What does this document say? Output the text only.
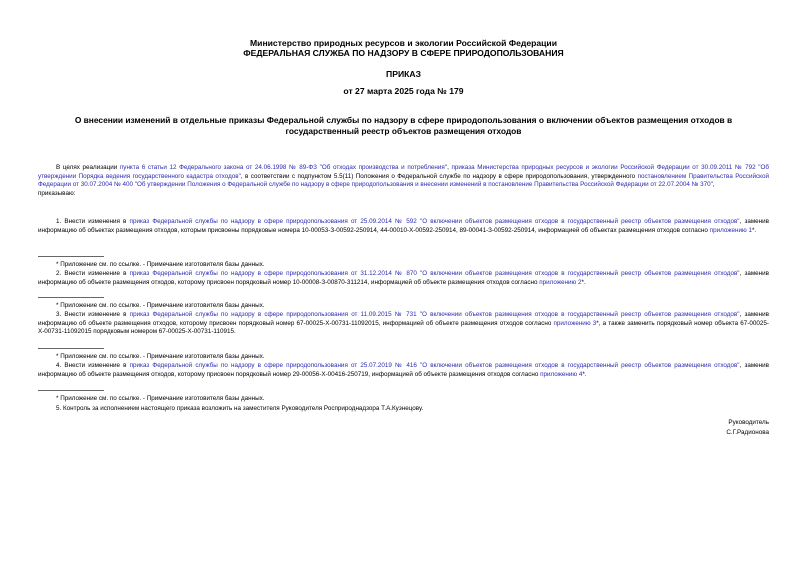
Министерство природных ресурсов и экологии Российской Федерации
ФЕДЕРАЛЬНАЯ СЛУЖБА ПО НАДЗОРУ В СФЕРЕ ПРИРОДОПОЛЬЗОВАНИЯ
ПРИКАЗ
от 27 марта 2025 года № 179
О внесении изменений в отдельные приказы Федеральной службы по надзору в сфере природопользования о включении объектов размещения отходов в государственный реестр объектов размещения отходов

В целях реализации пункта 6 статьи 12 Федерального закона от 24.06.1998 № 89-ФЗ "Об отходах производства и потребления", приказа Министерства природных ресурсов и экологии Российской Федерации от 30.09.2011 № 792 "Об утверждении Порядка ведения государственного кадастра отходов", в соответствии с подпунктом 5.5(11) Положения о Федеральной службе по надзору в сфере природопользования, утвержденного постановлением Правительства Российской Федерации от 30.07.2004 № 400 "Об утверждении Положения о Федеральной службе по надзору в сфере природопользования и внесении изменений в постановление Правительства Российской Федерации от 22.07.2004 № 370",

приказываю:

1. Внести изменения в приказ Федеральной службы по надзору в сфере природопользования от 25.09.2014 № 592 "О включении объектов размещения отходов в государственный реестр объектов размещения отходов", заменив информацию об объектах размещения отходов, которым присвоены порядковые номера 10-00053-З-00592-250914, 44-00010-Х-00592-250914, 89-00041-З-00592-250914, информацией об объектах размещения отходов согласно приложению 1*.

* Приложение см. по ссылке. - Примечание изготовителя базы данных.

2. Внести изменение в приказ Федеральной службы по надзору в сфере природопользования от 31.12.2014 № 870 "О включении объектов размещения отходов в государственный реестр объектов размещения отходов", заменив информацию об объекте размещения отходов, которому присвоен порядковый номер 10-00008-З-00870-311214, информацией об объекте размещения отходов согласно приложению 2*.

* Приложение см. по ссылке. - Примечание изготовителя базы данных.

3. Внести изменение в приказ Федеральной службы по надзору в сфере природопользования от 11.09.2015 № 731 "О включении объектов размещения отходов в государственный реестр объектов размещения отходов", заменив информацию об объекте размещения отходов, которому присвоен порядковый номер 67-00025-Х-00731-11092015, информацией об объекте размещения отходов согласно приложению 3*, а также заменить порядковый номер объекта 67-00025-Х-00731-11092015 порядковым номером 67-00025-Х-00731-110915.

* Приложение см. по ссылке. - Примечание изготовителя базы данных.

4. Внести изменение в приказ Федеральной службы по надзору в сфере природопользования от 25.07.2019 № 416 "О включении объектов размещения отходов в государственный реестр объектов размещения отходов", заменив информацию об объекте размещения отходов, которому присвоен порядковый номер 29-00056-Х-00416-250719, информацией об объекте размещения отходов согласно приложению 4*.

* Приложение см. по ссылке. - Примечание изготовителя базы данных.

5. Контроль за исполнением настоящего приказа возложить на заместителя Руководителя Росприроднадзора Т.А.Кузнецову.

Руководитель
С.Г.Радионова
